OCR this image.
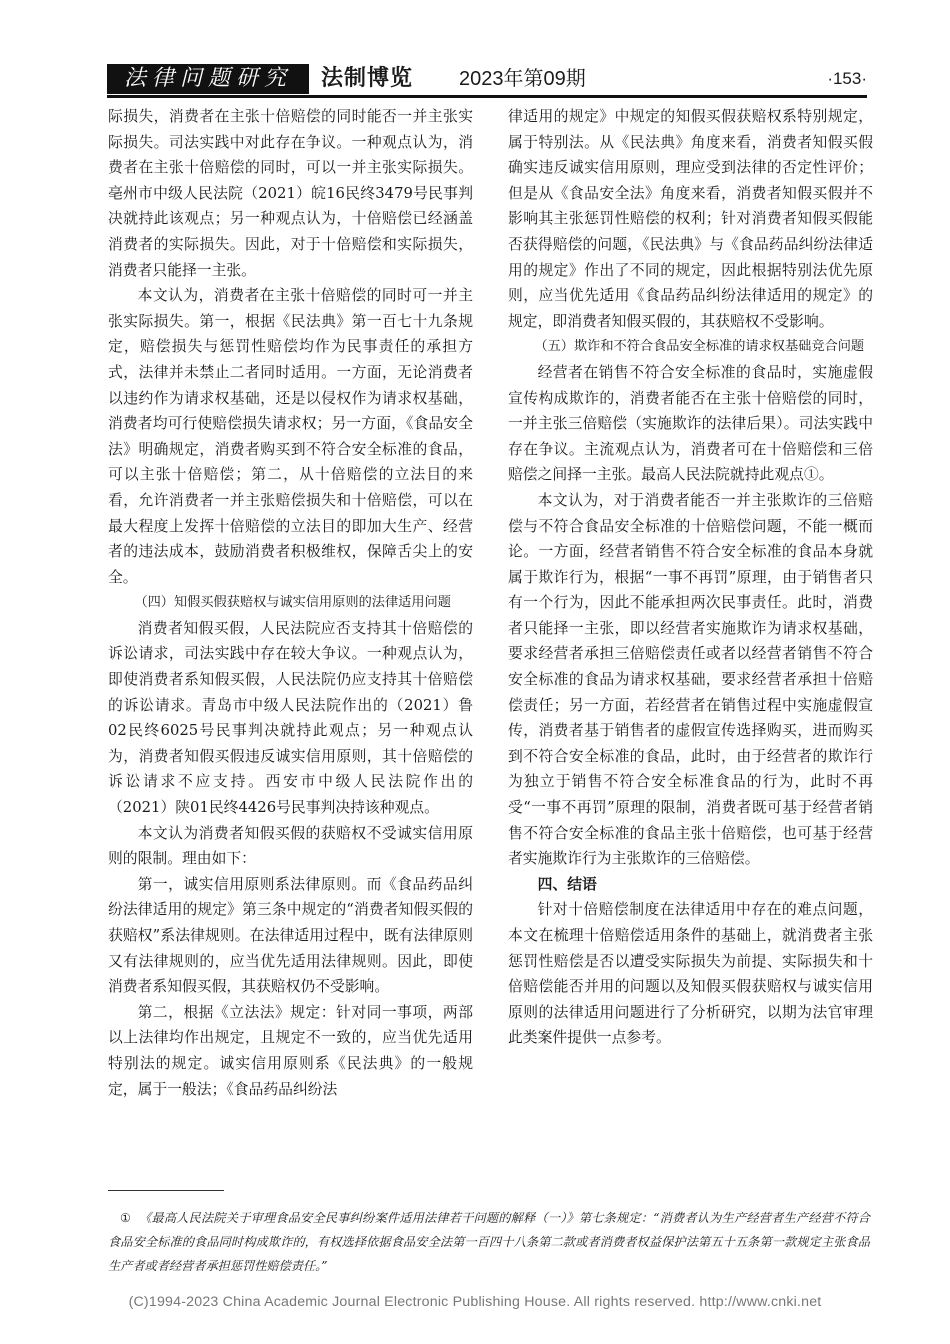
法律问题研究	法制博览 2023年第09期	·153·

际损失，消费者在主张十倍赔偿的同时能否一并主张实际损失。司法实践中对此存在争议。一种观点认为，消费者在主张十倍赔偿的同时，可以一并主张实际损失。亳州市中级人民法院（2021）皖16民终3479号民事判决就持此该观点；另一种观点认为，十倍赔偿已经涵盖消费者的实际损失。因此，对于十倍赔偿和实际损失，消费者只能择一主张。

本文认为，消费者在主张十倍赔偿的同时可一并主张实际损失。第一，根据《民法典》第一百七十九条规定，赔偿损失与惩罚性赔偿均作为民事责任的承担方式，法律并未禁止二者同时适用。一方面，无论消费者以违约作为请求权基础，还是以侵权作为请求权基础，消费者均可行使赔偿损失请求权；另一方面，《食品安全法》明确规定，消费者购买到不符合安全标准的食品，可以主张十倍赔偿；第二，从十倍赔偿的立法目的来看，允许消费者一并主张赔偿损失和十倍赔偿，可以在最大程度上发挥十倍赔偿的立法目的即加大生产、经营者的违法成本，鼓励消费者积极维权，保障舌尖上的安全。

（四）知假买假获赔权与诚实信用原则的法律适用问题

消费者知假买假，人民法院应否支持其十倍赔偿的诉讼请求，司法实践中存在较大争议。一种观点认为，即使消费者系知假买假，人民法院仍应支持其十倍赔偿的诉讼请求。青岛市中级人民法院作出的（2021）鲁02民终6025号民事判决就持此观点；另一种观点认为，消费者知假买假违反诚实信用原则，其十倍赔偿的诉讼请求不应支持。西安市中级人民法院作出的（2021）陕01民终4426号民事判决持该种观点。

本文认为消费者知假买假的获赔权不受诚实信用原则的限制。理由如下：

第一，诚实信用原则系法律原则。而《食品药品纠纷法律适用的规定》第三条中规定的“消费者知假买假的获赔权”系法律规则。在法律适用过程中，既有法律原则又有法律规则的，应当优先适用法律规则。因此，即使消费者系知假买假，其获赔权仍不受影响。

第二，根据《立法法》规定：针对同一事项，两部以上法律均作出规定，且规定不一致的，应当优先适用特别法的规定。诚实信用原则系《民法典》的一般规定，属于一般法；《食品药品纠纷法

律适用的规定》中规定的知假买假获赔权系特别规定，属于特别法。从《民法典》角度来看，消费者知假买假确实违反诚实信用原则，理应受到法律的否定性评价；但是从《食品安全法》角度来看，消费者知假买假并不影响其主张惩罚性赔偿的权利；针对消费者知假买假能否获得赔偿的问题，《民法典》与《食品药品纠纷法律适用的规定》作出了不同的规定，因此根据特别法优先原则，应当优先适用《食品药品纠纷法律适用的规定》的规定，即消费者知假买假的，其获赔权不受影响。

（五）欺诈和不符合食品安全标准的请求权基础竞合问题

经营者在销售不符合安全标准的食品时，实施虚假宣传构成欺诈的，消费者能否在主张十倍赔偿的同时，一并主张三倍赔偿（实施欺诈的法律后果）。司法实践中存在争议。主流观点认为，消费者可在十倍赔偿和三倍赔偿之间择一主张。最高人民法院就持此观点①。

本文认为，对于消费者能否一并主张欺诈的三倍赔偿与不符合食品安全标准的十倍赔偿问题，不能一概而论。一方面，经营者销售不符合安全标准的食品本身就属于欺诈行为，根据“一事不再罚”原理，由于销售者只有一个行为，因此不能承担两次民事责任。此时，消费者只能择一主张，即以经营者实施欺诈为请求权基础，要求经营者承担三倍赔偿责任或者以经营者销售不符合安全标准的食品为请求权基础，要求经营者承担十倍赔偿责任；另一方面，若经营者在销售过程中实施虚假宣传，消费者基于销售者的虚假宣传选择购买，进而购买到不符合安全标准的食品，此时，由于经营者的欺诈行为独立于销售不符合安全标准食品的行为，此时不再受“一事不再罚”原理的限制，消费者既可基于经营者销售不符合安全标准的食品主张十倍赔偿，也可基于经营者实施欺诈行为主张欺诈的三倍赔偿。

四、结语

针对十倍赔偿制度在法律适用中存在的难点问题，本文在梳理十倍赔偿适用条件的基础上，就消费者主张惩罚性赔偿是否以遭受实际损失为前提、实际损失和十倍赔偿能否并用的问题以及知假买假获赔权与诚实信用原则的法律适用问题进行了分析研究，以期为法官审理此类案件提供一点参考。

① 《最高人民法院关于审理食品安全民事纠纷案件适用法律若干问题的解释（一）》第七条规定：“消费者认为生产经营者生产经营不符合食品安全标准的食品同时构成欺诈的，有权选择依据食品安全法第一百四十八条第二款或者消费者权益保护法第五十五条第一款规定主张食品生产者或者经营者承担惩罚性赔偿责任。”
(C)1994-2023 China Academic Journal Electronic Publishing House. All rights reserved. http://www.cnki.net
